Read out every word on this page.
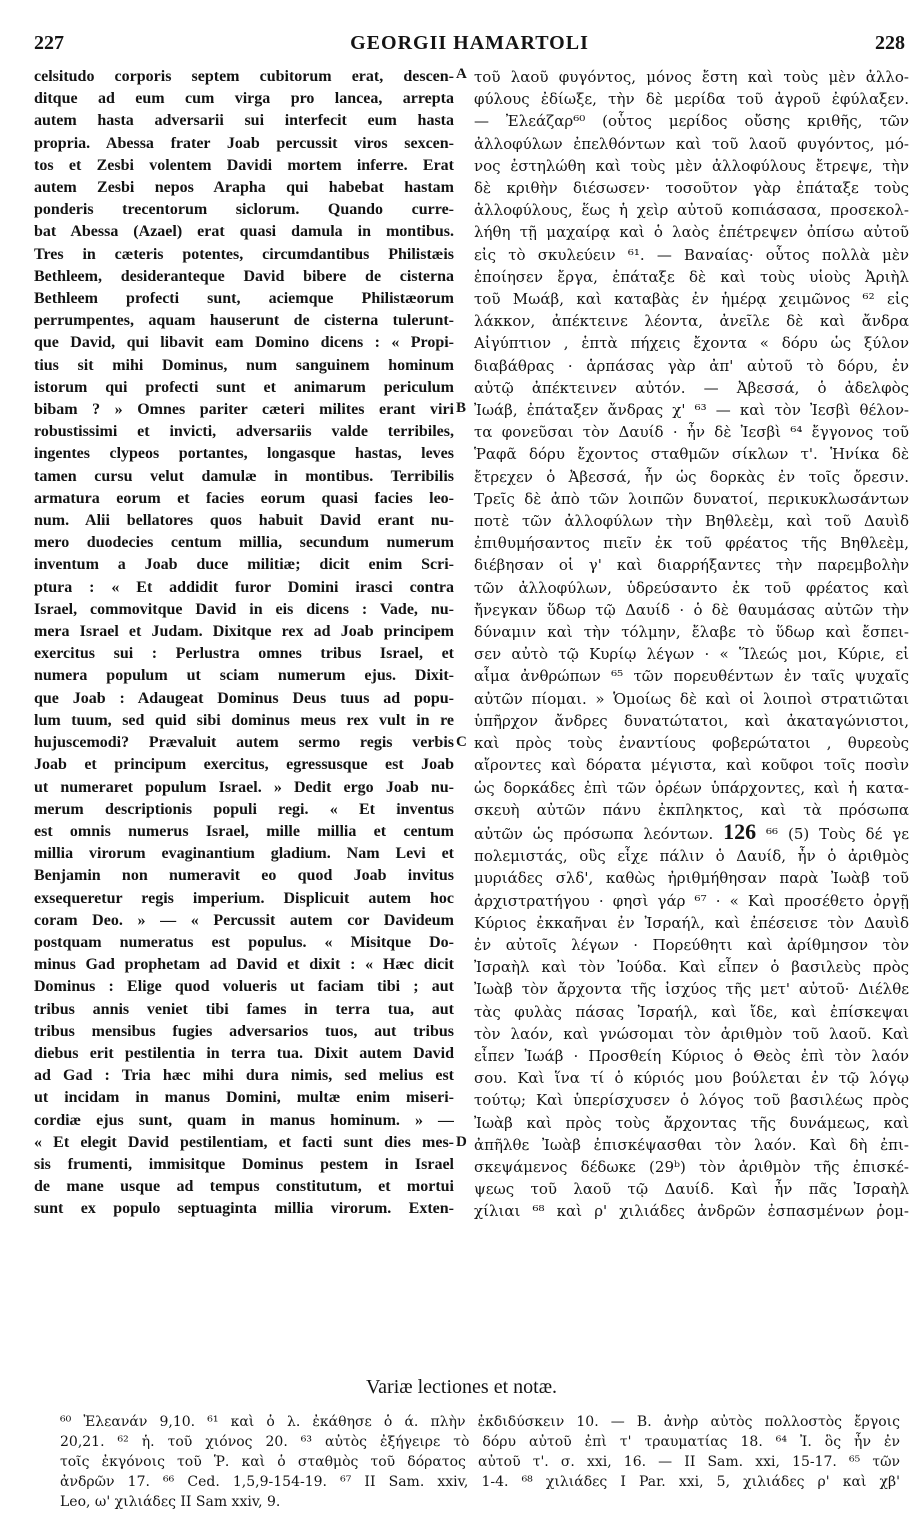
227	GEORGII HAMARTOLI	228
celsitudo corporis septem cubitorum erat, descen-
ditque ad eum cum virga pro lancea, arrepta
autem hasta adversarii sui interfecit eum hasta
propria. Abessa frater Joab percussit viros sexcen-
tos et Zesbi volentem Davidi mortem inferre. Erat
autem Zesbi nepos Arapha qui habebat hastam
ponderis trecentorum siclorum. Quando curre-
bat Abessa (Azael) erat quasi damula in montibus.
Tres in cæteris potentes, circumdantibus Philistæis
Bethleem, desideranteque David bibere de cisterna
Bethleem profecti sunt, aciemque Philistæorum
perrumpentes, aquam hauserunt de cisterna tulerunt-
que David, qui libavit eam Domino dicens : « Propi-
tius sit mihi Dominus, num sanguinem hominum
istorum qui profecti sunt et animarum periculum
bibam ? » Omnes pariter cæteri milites erant viri
robustissimi et invicti, adversariis valde terribiles,
ingentes clypeos portantes, longasque hastas, leves
tamen cursu velut damulæ in montibus. Terribilis
armatura eorum et facies eorum quasi facies leo-
num. Alii bellatores quos habuit David erant nu-
mero duodecies centum millia, secundum numerum
inventum a Joab duce militiæ; dicit enim Scri-
ptura : « Et addidit furor Domini irasci contra
Israel, commovitque David in eis dicens : Vade, nu-
mera Israel et Judam. Dixitque rex ad Joab principem
exercitus sui : Perlustra omnes tribus Israel, et
numera populum ut sciam numerum ejus. Dixit-
que Joab : Adaugeat Dominus Deus tuus ad popu-
lum tuum, sed quid sibi dominus meus rex vult in re
hujuscemodi? Prævaluit autem sermo regis verbis
Joab et principum exercitus, egressusque est Joab
ut numeraret populum Israel. » Dedit ergo Joab nu-
merum descriptionis populi regi. « Et inventus
est omnis numerus Israel, mille millia et centum
millia virorum evaginantium gladium. Nam Levi et
Benjamin non numeravit eo quod Joab invitus
exsequeretur regis imperium. Displicuit autem hoc
coram Deo. » — « Percussit autem cor Davideum
postquam numeratus est populus. « Misitque Do-
minus Gad prophetam ad David et dixit : « Hæc dicit
Dominus : Elige quod volueris ut faciam tibi ; aut
tribus annis veniet tibi fames in terra tua, aut
tribus mensibus fugies adversarios tuos, aut tribus
diebus erit pestilentia in terra tua. Dixit autem David
ad Gad : Tria hæc mihi dura nimis, sed melius est
ut incidam in manus Domini, multæ enim miseri-
cordiæ ejus sunt, quam in manus hominum. » —
« Et elegit David pestilentiam, et facti sunt dies mes-
sis frumenti, immisitque Dominus pestem in Israel
de mane usque ad tempus constitutum, et mortui
sunt ex populo septuaginta millia virorum. Exten-
τοῦ λαοῦ φυγόντος, μόνος ἔστη καὶ τοὺς μὲν ἀλλο-
φύλους ἐδίωξε, τὴν δὲ μερίδα τοῦ ἀγροῦ ἐφύλαξεν.
— Ἐλεάζαρ⁶⁰ (οὗτος μερίδος οὔσης κριθῆς, τῶν
ἀλλοφύλων ἐπελθόντων καὶ τοῦ λαοῦ φυγόντος, μό-
νος ἐστηλώθη καὶ τοὺς μὲν ἀλλοφύλους ἔτρεψε, τὴν
δὲ κριθὴν διέσωσεν· τοσοῦτον γὰρ ἐπάταξε τοὺς
ἀλλοφύλους, ἕως ἡ χεὶρ αὐτοῦ κοπιάσασα, προσεκολ-
λήθη τῇ μαχαίρᾳ καὶ ὁ λαὸς ἐπέτρεψεν ὀπίσω αὐτοῦ
εἰς τὸ σκυλεύειν ⁶¹. — Βαναίας· οὗτος πολλὰ μὲν
ἐποίησεν ἔργα, ἐπάταξε δὲ καὶ τοὺς υἱοὺς Ἀριὴλ
τοῦ Μωάβ, καὶ καταβὰς ἐν ἡμέρᾳ χειμῶνος ⁶² εἰς
λάκκον, ἀπέκτεινε λέοντα, ἀνεῖλε δὲ καὶ ἄνδρα
Αἰγύπτιον , ἑπτὰ πήχεις ἔχοντα « δόρυ ὡς ξύλον
διαβάθρας · ἁρπάσας γὰρ ἀπ' αὐτοῦ τὸ δόρυ, ἐν
αὐτῷ ἀπέκτεινεν αὐτόν. — Ἀβεσσά, ὁ ἀδελφὸς
Ἰωάβ, ἐπάταξεν ἄνδρας χ' ⁶³ — καὶ τὸν Ἰεσβὶ θέλον-
τα φονεῦσαι τὸν Δαυίδ · ἦν δὲ Ἰεσβὶ ⁶⁴ ἔγγονος τοῦ
Ῥαφᾶ δόρυ ἔχοντος σταθμῶν σίκλων τ'. Ἡνίκα δὲ
ἔτρεχεν ὁ Ἀβεσσά, ἦν ὡς δορκὰς ἐν τοῖς ὄρεσιν.
Τρεῖς δὲ ἀπὸ τῶν λοιπῶν δυνατοί, περικυκλωσάντων
ποτὲ τῶν ἀλλοφύλων τὴν Βηθλεὲμ, καὶ τοῦ Δαυὶδ
ἐπιθυμήσαντος πιεῖν ἐκ τοῦ φρέατος τῆς Βηθλεὲμ,
διέβησαν οἱ γ' καὶ διαρρήξαντες τὴν παρεμβολὴν
τῶν ἀλλοφύλων, ὑδρεύσαντο ἐκ τοῦ φρέατος καὶ
ἤνεγκαν ὕδωρ τῷ Δαυίδ · ὁ δὲ θαυμάσας αὐτῶν τὴν
δύναμιν καὶ τὴν τόλμην, ἔλαβε τὸ ὕδωρ καὶ ἔσπει-
σεν αὐτὸ τῷ Κυρίῳ λέγων · « Ἵλεώς μοι, Κύριε, εἰ
αἷμα ἀνθρώπων ⁶⁵ τῶν πορευθέντων ἐν ταῖς ψυχαῖς
αὐτῶν πίομαι. » Ὁμοίως δὲ καὶ οἱ λοιποὶ στρατιῶται
ὑπῆρχον ἄνδρες δυνατώτατοι, καὶ ἀκαταγώνιστοι,
καὶ πρὸς τοὺς ἐναντίους φοβερώτατοι , θυρεοὺς
αἴροντες καὶ δόρατα μέγιστα, καὶ κοῦφοι τοῖς ποσὶν
ὡς δορκάδες ἐπὶ τῶν ὀρέων ὑπάρχοντες, καὶ ἡ κατα-
σκευὴ αὐτῶν πάνυ ἐκπληκτος, καὶ τὰ πρόσωπα
αὐτῶν ὡς πρόσωπα λεόντων. 126 ⁶⁶ (5) Τοὺς δέ γε
πολεμιστάς, οὓς εἶχε πάλιν ὁ Δαυίδ, ἦν ὁ ἀριθμὸς
μυριάδες σλδ', καθὼς ἠριθμήθησαν παρὰ Ἰωὰβ τοῦ
ἀρχιστρατήγου · φησὶ γάρ ⁶⁷ · « Καὶ προσέθετο ὀργῇ
Κύριος ἐκκαῆναι ἐν Ἰσραήλ, καὶ ἐπέσεισε τὸν Δαυὶδ
ἐν αὐτοῖς λέγων · Πορεύθητι καὶ ἀρίθμησον τὸν
Ἰσραὴλ καὶ τὸν Ἰούδα. Καὶ εἶπεν ὁ βασιλεὺς πρὸς
Ἰωὰβ τὸν ἄρχοντα τῆς ἰσχύος τῆς μετ' αὐτοῦ· Διέλθε
τὰς φυλὰς πάσας Ἰσραήλ, καὶ ἴδε, καὶ ἐπίσκεψαι
τὸν λαόν, καὶ γνώσομαι τὸν ἀριθμὸν τοῦ λαοῦ. Καὶ
εἶπεν Ἰωάβ · Προσθείη Κύριος ὁ Θεὸς ἐπὶ τὸν λαόν
σου. Καὶ ἵνα τί ὁ κύριός μου βούλεται ἐν τῷ λόγῳ
τούτῳ; Καὶ ὑπερίσχυσεν ὁ λόγος τοῦ βασιλέως πρὸς
Ἰωὰβ καὶ πρὸς τοὺς ἄρχοντας τῆς δυνάμεως, καὶ
ἀπῆλθε Ἰωὰβ ἐπισκέψασθαι τὸν λαόν. Καὶ δὴ ἐπι-
σκεψάμενος δέδωκε (29ᵇ) τὸν ἀριθμὸν τῆς ἐπισκέ-
ψεως τοῦ λαοῦ τῷ Δαυίδ. Καὶ ἦν πᾶς Ἰσραὴλ
χίλιαι ⁶⁸ καὶ ρ' χιλιάδες ἀνδρῶν ἐσπασμένων ῥομ-
A
B
C
D
Variæ lectiones et notæ.
⁶⁰ Ἐλεανάν 9,10. ⁶¹ καὶ ὁ λ. ἐκάθησε ὁ ά. πλὴν ἐκδιδύσκειν 10. — Β. ἀνὴρ αὐτὸς πολλοστὸς ἔργοις
20,21. ⁶² ἡ. τοῦ χιόνος 20. ⁶³ αὐτὸς ἐξήγειρε τὸ δόρυ αὐτοῦ ἐπὶ τ' τραυματίας 18. ⁶⁴ Ἰ. ὃς ἦν ἐν
τοῖς ἐκγόνοις τοῦ Ῥ. καὶ ὁ σταθμὸς τοῦ δόρατος αὐτοῦ τ'. σ. xxi, 16. — II Sam. xxi, 15-17. ⁶⁵ τῶν
ἀνδρῶν 17. ⁶⁶ Ced. 1,5,9-154-19. ⁶⁷ II Sam. xxiv, 1-4. ⁶⁸ χιλιάδες I Par. xxi, 5, χιλιάδες ρ' καὶ χβ'
Leo, ω' χιλιάδες II Sam xxiv, 9.
